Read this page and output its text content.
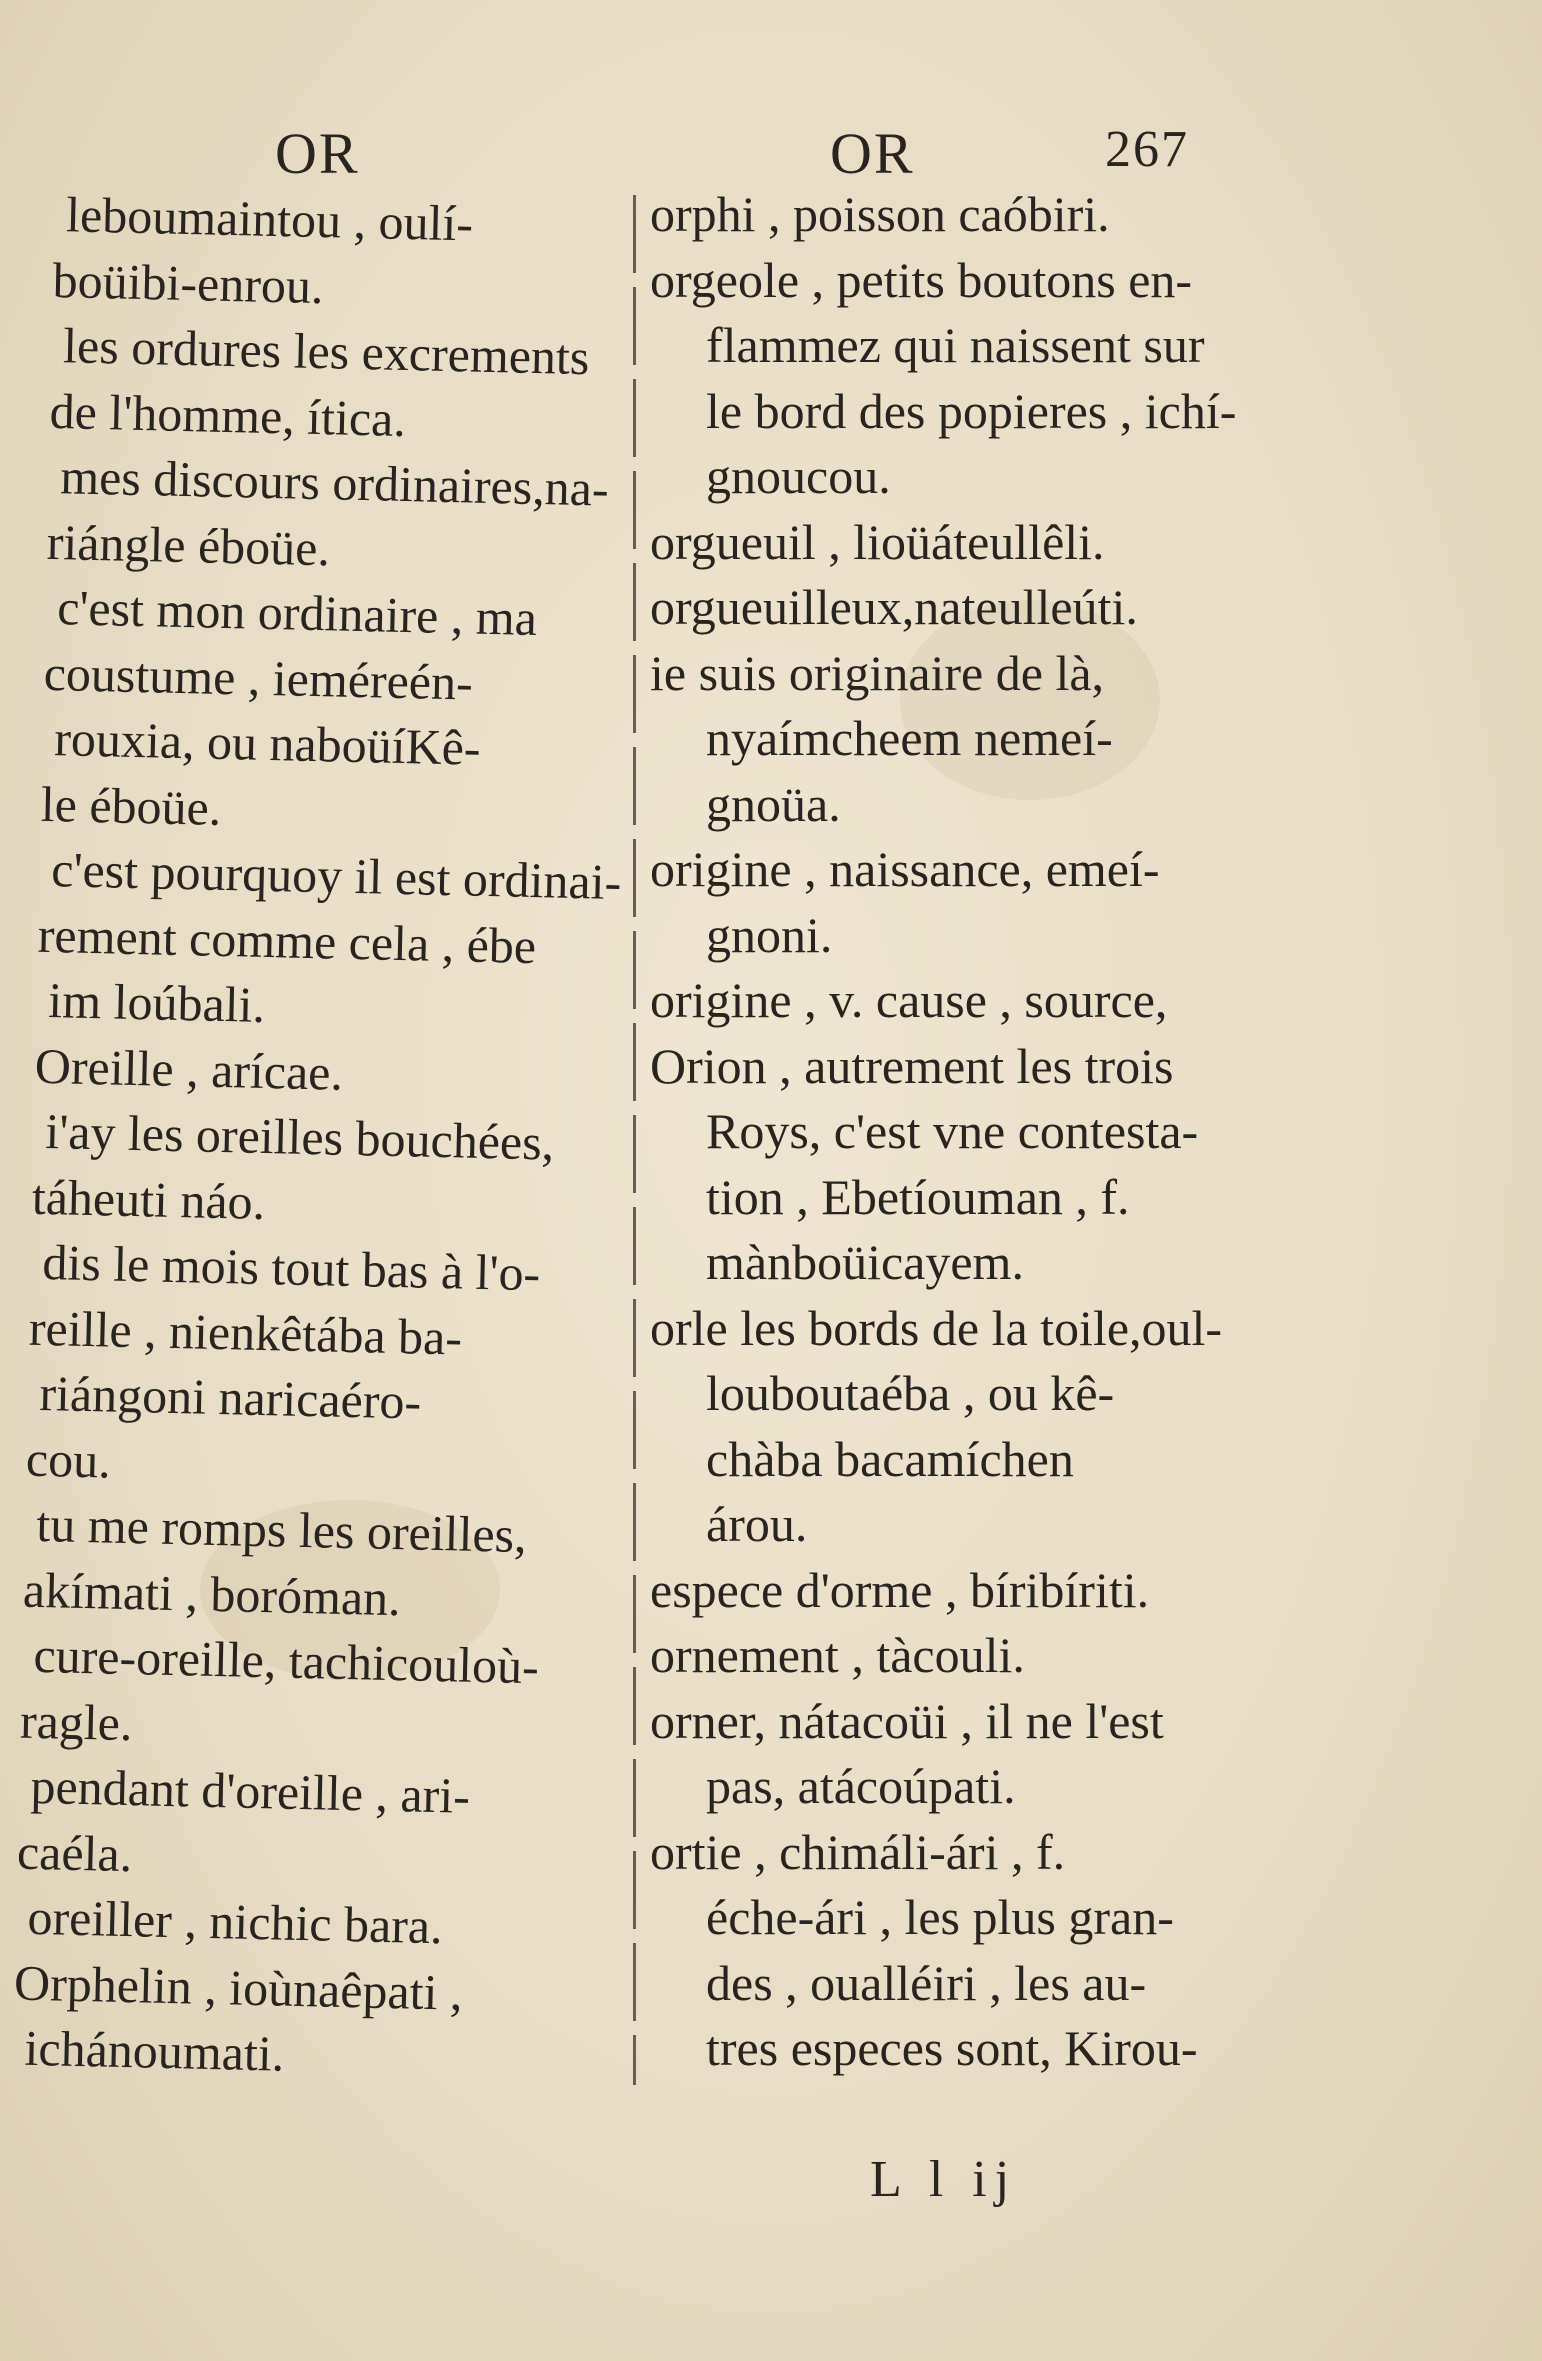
OR	OR	267
leboumaintou , oulí-
boüibi-enrou.
les ordures les excrements
de l'homme, ítica.
mes discours ordinaires,na-
riángle éboüe.
c'est mon ordinaire , ma
coustume , ieméreén-
rouxia, ou naboüíKê-
le éboüe.
c'est pourquoy il est ordinai-
rement comme cela , ébe
im loúbali.
Oreille , arícae.
i'ay les oreilles bouchées,
táheuti náo.
dis le mois tout bas à l'o-
reille , nienkêtába ba-
riángoni naricaéro-
cou.
tu me romps les oreilles,
akímati , boróman.
cure-oreille, tachicouloù-
ragle.
pendant d'oreille , ari-
caéla.
oreiller , nichic bara.
Orphelin , ioùnaêpati ,
ichánoumati.
orphi , poisson caóbiri.
orgeole , petits boutons en-
flammez qui naissent sur
le bord des popieres , ichí-
gnoucou.
orgueuil , lioüáteullêli.
orgueuilleux,nateulleúti.
ie suis originaire de là,
nyaímcheem nemeí-
gnoüa.
origine , naissance, emeí-
gnoni.
origine , v. cause , source,
Orion , autrement les trois
Roys, c'est vne contesta-
tion , Ebetíouman , f.
mànboüicayem.
orle les bords de la toile,oul-
louboutaéba , ou kê-
chàba bacamíchen
árou.
espece d'orme , bíribíriti.
ornement , tàcouli.
orner, nátacoüi , il ne l'est
pas, atácoúpati.
ortie , chimáli-ári , f.
éche-ári , les plus gran-
des , oualléiri , les au-
tres especes sont, Kirou-
L l ij
